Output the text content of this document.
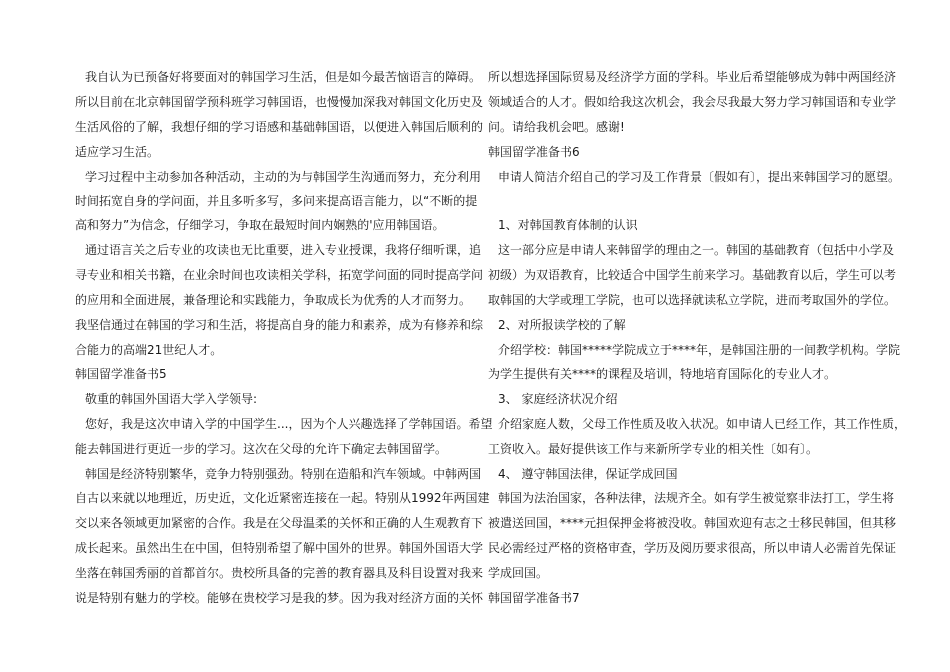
我自认为已预备好将要面对的韩国学习生活，但是如今最苦恼语言的障碍。
所以目前在北京韩国留学预科班学习韩国语，也慢慢加深我对韩国文化历史及
生活风俗的了解，我想仔细的学习语感和基础韩国语，以便进入韩国后顺利的
适应学习生活。
学习过程中主动参加各种活动，主动的为与韩国学生沟通而努力，充分利用
时间拓宽自身的学问面，并且多听多写，多问来提高语言能力，以“不断的提
高和努力”为信念，仔细学习，争取在最短时间内娴熟的'应用韩国语。
通过语言关之后专业的攻读也无比重要，进入专业授课，我将仔细听课，追
寻专业和相关书籍，在业余时间也攻读相关学科，拓宽学问面的同时提高学问
的应用和全面进展，兼备理论和实践能力，争取成长为优秀的人才而努力。
我坚信通过在韩国的学习和生活，将提高自身的能力和素养，成为有修养和综
合能力的高端21世纪人才。
韩国留学准备书5
敬重的韩国外国语大学入学领导:
您好，我是这次申请入学的中国学生...，因为个人兴趣选择了学韩国语。希望
能去韩国进行更近一步的学习。这次在父母的允许下确定去韩国留学。
韩国是经济特别繁华，竞争力特别强劲。特别在造船和汽车领域。中韩两国
自古以来就以地理近，历史近，文化近紧密连接在一起。特别从1992年两国建
交以来各领域更加紧密的合作。我是在父母温柔的关怀和正确的人生观教育下
成长起来。虽然出生在中国，但特别希望了解中国外的世界。韩国外国语大学
坐落在韩国秀丽的首都首尔。贵校所具备的完善的教育器具及科目设置对我来
说是特别有魅力的学校。能够在贵校学习是我的梦。因为我对经济方面的关怀
所以想选择国际贸易及经济学方面的学科。毕业后希望能够成为韩中两国经济
领域适合的人才。假如给我这次机会，我会尽我最大努力学习韩国语和专业学
问。请给我机会吧。感谢!
韩国留学准备书6
申请人简洁介绍自己的学习及工作背景〔假如有〕，提出来韩国学习的愿望。
1、对韩国教育体制的认识
这一部分应是申请人来韩留学的理由之一。韩国的基础教育（包括中小学及
初级）为双语教育，比较适合中国学生前来学习。基础教育以后，学生可以考
取韩国的大学或理工学院，也可以选择就读私立学院，进而考取国外的学位。
2、对所报读学校的了解
介绍学校：韩国*****学院成立于****年，是韩国注册的一间教学机构。学院
为学生提供有关****的课程及培训，特地培育国际化的专业人才。
3、 家庭经济状况介绍
介绍家庭人数，父母工作性质及收入状况。如申请人已经工作，其工作性质，
工资收入。最好提供该工作与来新所学专业的相关性〔如有〕。
4、 遵守韩国法律，保证学成回国
韩国为法治国家，各种法律，法规齐全。如有学生被觉察非法打工，学生将
被遣送回国，****元担保押金将被没收。韩国欢迎有志之士移民韩国，但其移
民必需经过严格的资格审查，学历及阅历要求很高，所以申请人必需首先保证
学成回国。
韩国留学准备书7
